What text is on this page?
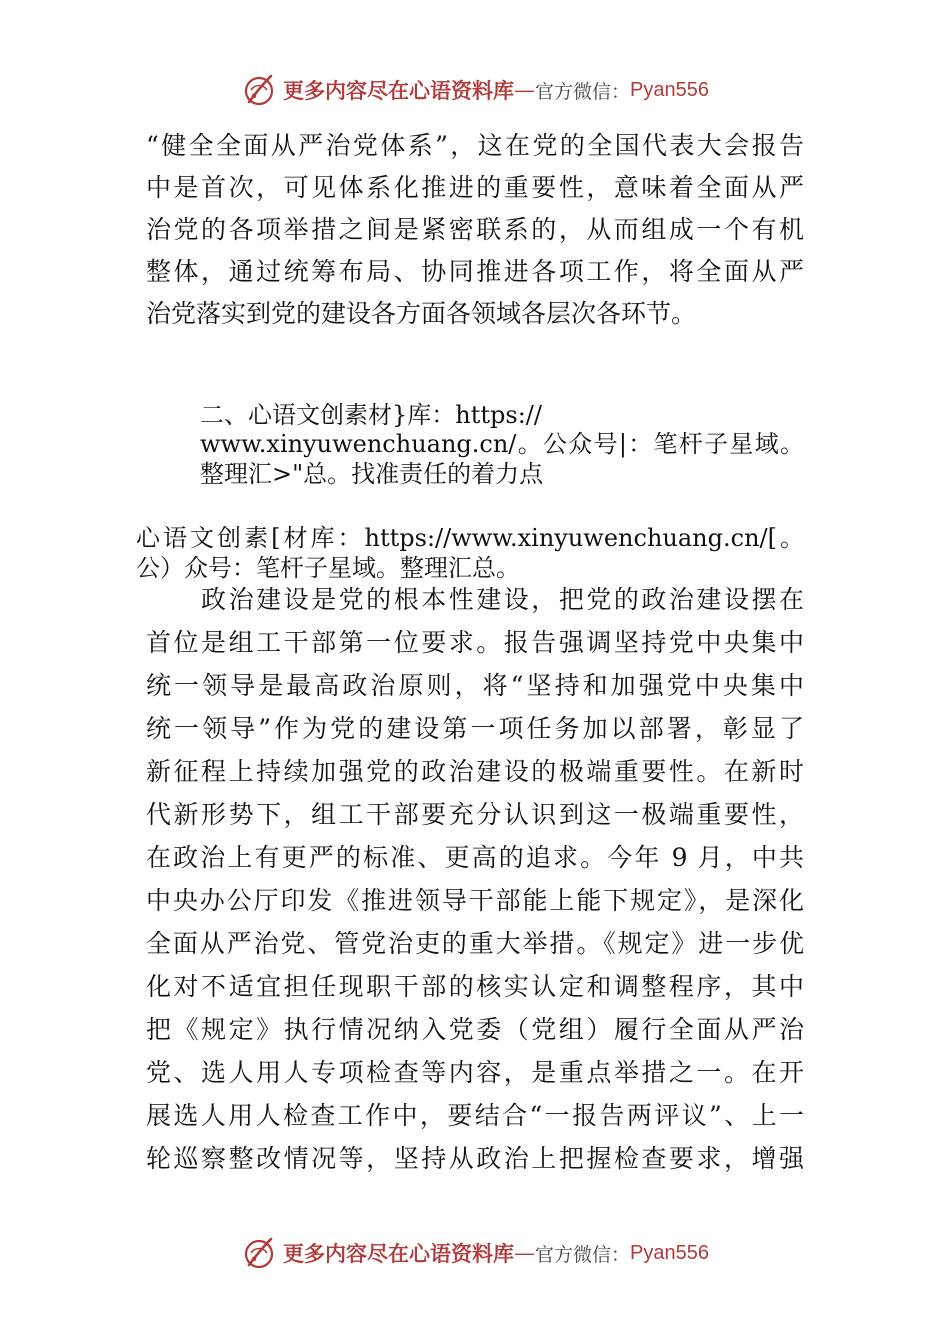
更多内容尽在心语资料库 — 官方微信： Pyan556
“健全全面从严治党体系”，这在党的全国代表大会报告
中是首次，可见体系化推进的重要性，意味着全面从严
治党的各项举措之间是紧密联系的，从而组成一个有机
整体，通过统筹布局、协同推进各项工作，将全面从严
治党落实到党的建设各方面各领域各层次各环节。
二、心语文创素材}库：https://
www.xinyuwenchuang.cn/。公众号|：笔杆子星域。
整理汇>"总。找准责任的着力点
心语文创素[材库：https://www.xinyuwenchuang.cn/[。
公）众号：笔杆子星域。整理汇总。
　　政治建设是党的根本性建设，把党的政治建设摆在
首位是组工干部第一位要求。报告强调坚持党中央集中
统一领导是最高政治原则，将“坚持和加强党中央集中
统一领导”作为党的建设第一项任务加以部署，彰显了
新征程上持续加强党的政治建设的极端重要性。在新时
代新形势下，组工干部要充分认识到这一极端重要性，
在政治上有更严的标准、更高的追求。今年 9 月，中共
中央办公厅印发《推进领导干部能上能下规定》，是深化
全面从严治党、管党治吏的重大举措。《规定》进一步优
化对不适宜担任现职干部的核实认定和调整程序，其中
把《规定》执行情况纳入党委（党组）履行全面从严治
党、选人用人专项检查等内容，是重点举措之一。在开
展选人用人检查工作中，要结合“一报告两评议”、上一
轮巡察整改情况等，坚持从政治上把握检查要求，增强
更多内容尽在心语资料库 — 官方微信： Pyan556
